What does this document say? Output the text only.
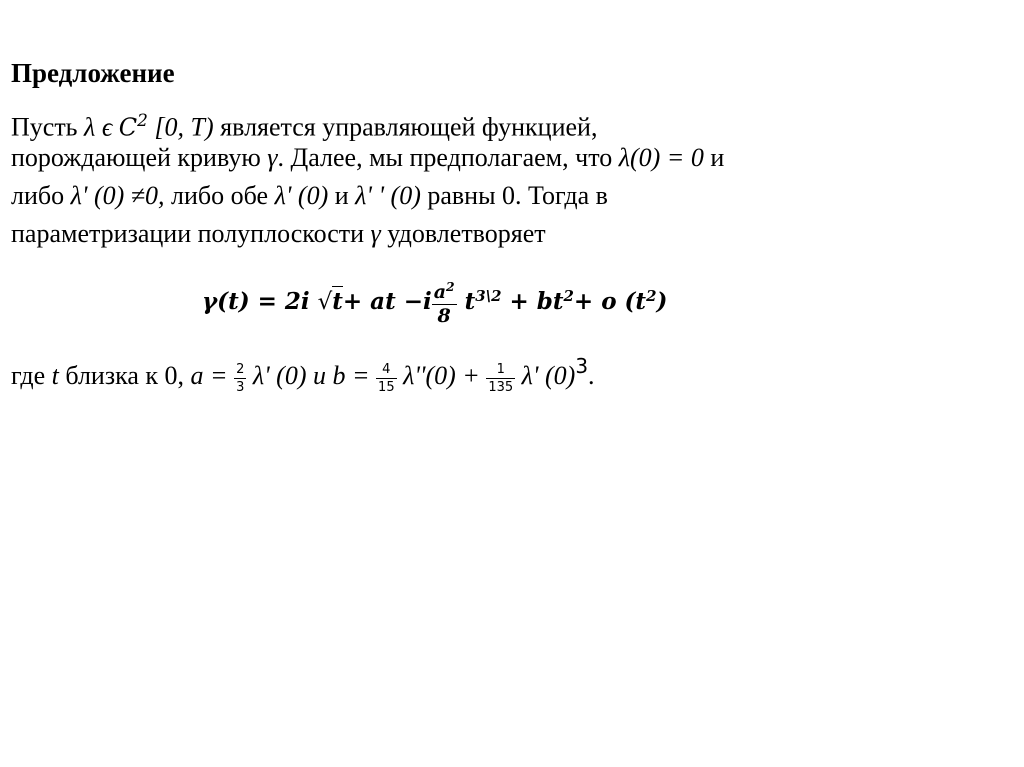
Предложение
Пусть λ ϵ $C^2$ [0, T) является управляющей функцией,
порождающей кривую γ. Далее, мы предполагаем, что λ(0) = 0 и
либо λ' (0) ≠0, либо обе λ' (0) и λ' ' (0) равны 0. Тогда в
параметризации полуплоскости γ удовлетворяет
γ(t) = 2i √t+ at $-i \frac{a^2}{8} t^{3\backslash 2} + bt^2+ o$ $(t^2)$
где t близка к 0, $a = \frac{2}{3} \lambda'$ (0) и $b = \frac{4}{15} \lambda''(0) + \frac{1}{135} \lambda'$ $(0)^3$.
